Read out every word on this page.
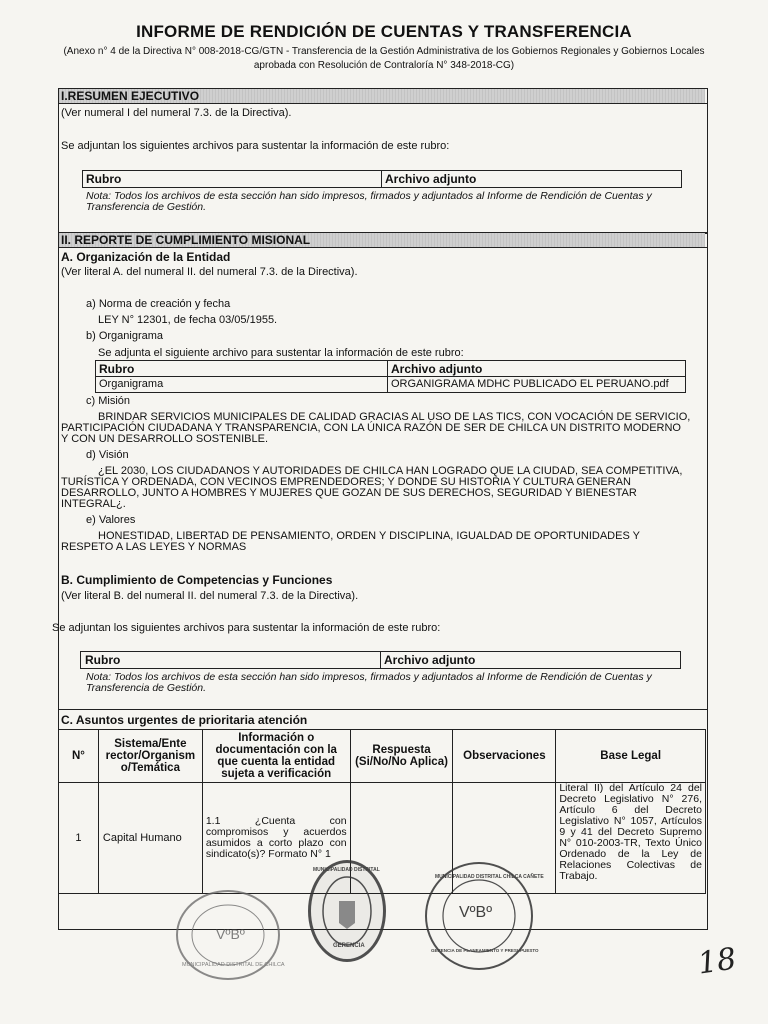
INFORME DE RENDICIÓN DE CUENTAS Y TRANSFERENCIA
(Anexo n° 4 de la Directiva N° 008-2018-CG/GTN - Transferencia de la Gestión Administrativa de los Gobiernos Regionales y Gobiernos Locales
aprobada con Resolución de Contraloría N° 348-2018-CG)
I.RESUMEN EJECUTIVO
(Ver numeral I del numeral 7.3. de la Directiva).
Se adjuntan los siguientes archivos para sustentar la información de este rubro:
Rubro	Archivo adjunto
Nota: Todos los archivos de esta sección han sido impresos, firmados y adjuntados al Informe de Rendición de Cuentas y
Transferencia de Gestión.
II. REPORTE DE CUMPLIMIENTO MISIONAL
A. Organización de la Entidad
(Ver literal A. del numeral II. del numeral 7.3. de la Directiva).
a) Norma de creación y fecha
LEY N° 12301, de fecha 03/05/1955.
b) Organigrama
Se adjunta el siguiente archivo para sustentar la información de este rubro:
Rubro	Archivo adjunto
Organigrama	ORGANIGRAMA MDHC PUBLICADO EL PERUANO.pdf
c) Misión
BRINDAR SERVICIOS MUNICIPALES DE CALIDAD GRACIAS AL USO DE LAS TICS, CON VOCACIÓN DE SERVICIO,
PARTICIPACIÓN CIUDADANA Y TRANSPARENCIA, CON LA ÚNICA RAZÓN DE SER DE CHILCA UN DISTRITO MODERNO
Y CON UN DESARROLLO SOSTENIBLE.
d) Visión
¿EL 2030, LOS CIUDADANOS Y AUTORIDADES DE CHILCA HAN LOGRADO QUE LA CIUDAD, SEA COMPETITIVA,
TURÍSTICA Y ORDENADA, CON VECINOS EMPRENDEDORES; Y DONDE SU HISTORIA Y CULTURA GENERAN
DESARROLLO, JUNTO A HOMBRES Y MUJERES QUE GOZAN DE SUS DERECHOS, SEGURIDAD Y BIENESTAR
INTEGRAL¿.
e) Valores
HONESTIDAD, LIBERTAD DE PENSAMIENTO, ORDEN Y DISCIPLINA, IGUALDAD DE OPORTUNIDADES Y
RESPETO A LAS LEYES Y NORMAS
B. Cumplimiento de Competencias y Funciones
(Ver literal B. del numeral II. del numeral 7.3. de la Directiva).
Se adjuntan los siguientes archivos para sustentar la información de este rubro:
Rubro	Archivo adjunto
Nota: Todos los archivos de esta sección han sido impresos, firmados y adjuntados al Informe de Rendición de Cuentas y
Transferencia de Gestión.
C. Asuntos urgentes de prioritaria atención
N°	Sistema/Ente rector/Organism o/Temática	Información o documentación con la que cuenta la entidad sujeta a verificación	Respuesta (Si/No/No Aplica)	Observaciones	Base Legal
1	Capital Humano	1.1 ¿Cuenta con compromisos y acuerdos asumidos a corto plazo con sindicato(s)? Formato N° 1			Literal II) del Artículo 24 del Decreto Legislativo N° 276, Artículo 6 del Decreto Legislativo N° 1057, Artículos 9 y 41 del Decreto Supremo N° 010-2003-TR, Texto Único Ordenado de la Ley de Relaciones Colectivas de Trabajo.
VºBº
MUNICIPALIDAD DISTRITAL DE CHILCA
MUNICIPALIDAD DISTRITAL
GERENCIA
MUNICIPALIDAD DISTRITAL CHILCA CAÑETE
VºBº
GERENCIA DE PLANEAMIENTO Y PRESUPUESTO	18
